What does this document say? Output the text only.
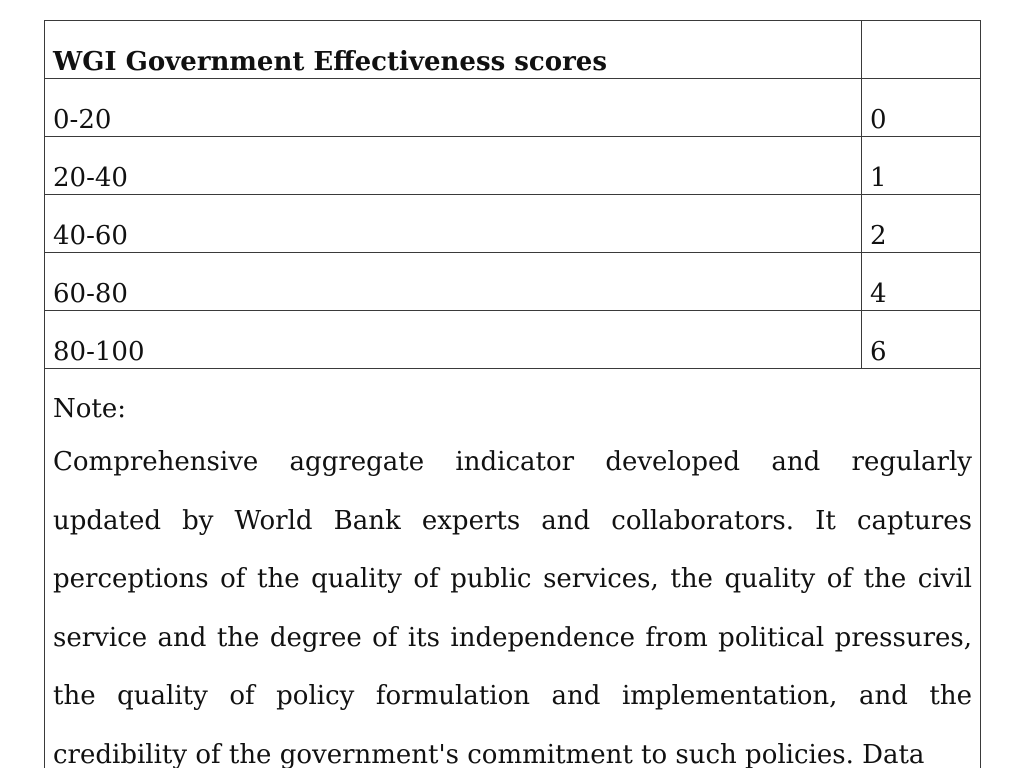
WGI Government Effectiveness scores	
0-20	0
20-40	1
40-60	2
60-80	4
80-100	6

Note:

Comprehensive aggregate indicator developed and regularly updated by World Bank experts and collaborators. It captures perceptions of the quality of public services, the quality of the civil service and the degree of its independence from political pressures, the quality of policy formulation and implementation, and the credibility of the government's commitment to such policies. Data	
